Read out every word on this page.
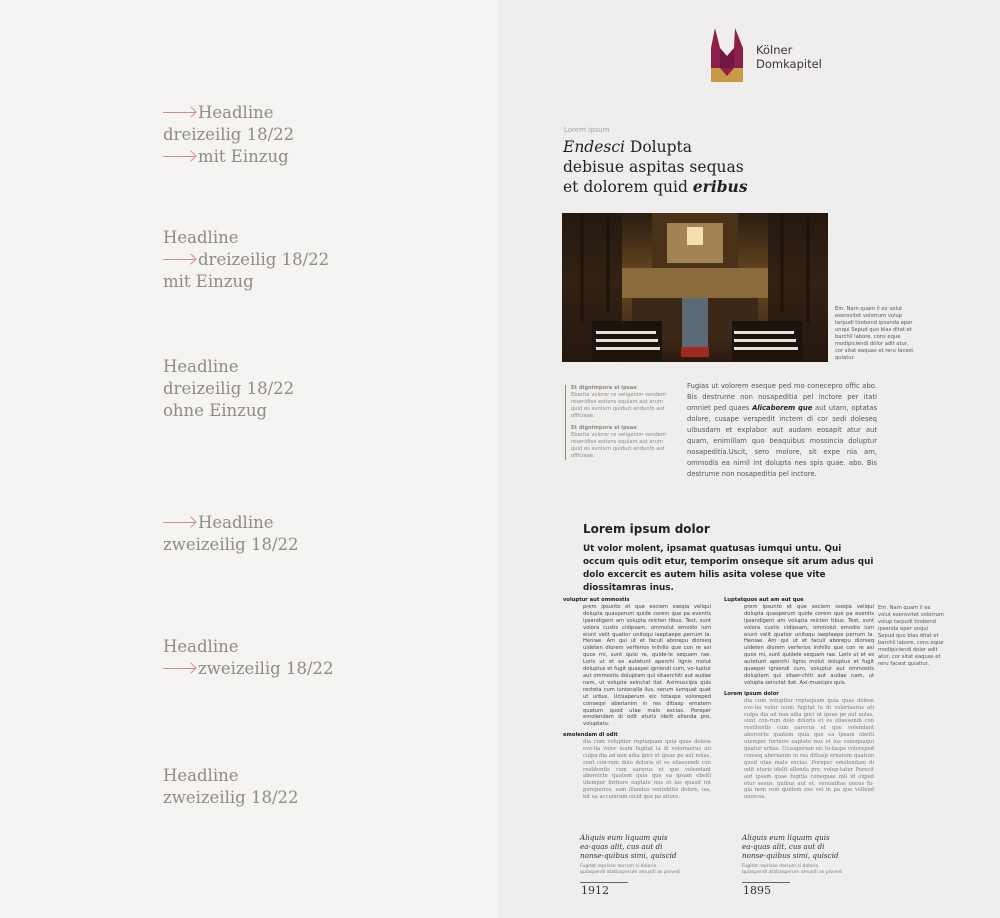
Headline
dreizeilig 18/22
mit Einzug
Headline
dreizeilig 18/22
mit Einzug
Headline
dreizeilig 18/22
ohne Einzug
Headline
zweizeilig 18/22
Headline
zweizeilig 18/22
Headline
zweizeilig 18/22
Kölner
Domkapitel
Lorem ipsum
Endesci Dolupta
debisue aspitas sequas
et dolorem quid eribus
Em. Nam quam il ex volut exerovitet volorrum volup tarpudi tirobend ipsenda eper unqui Sepud quo blas ditat et barchil labore, cons eque modipiciendi dolor adit atur, cor sitat eaquas et reru facest quiatur.
Et dignimpore el ipsae
Eberita volorer re veligenim vendem reseridles estions equiam aut arum quid es suntem quiduci andunfo aut officiaae.
Et dignimpore el ipsae
Eberita volorer re veligenim vendem reseridles estions equiam aut arum quid es suntem quiduci andunfo aut officiaae.
Fugias ut volorem eseque ped mo conecepro offic abo. Bis destrume non nosapeditia pel inctore per itati omniet ped quaes Alicaborem que aut utam, optatas dolore, cusape verspedit inctem di cor sedi doleseq uibusdam et explabor aut audam eosapit atur aut quam, enimillam quo beaquibus mossincia doluptur nosapeditia.Uscit, sero molore, sit expe nia am, ommodis ea nimil int dolupta nes spis quae. abo. Bis destrume non nosapeditia pel inctore.
Lorem ipsum dolor
Ut volor molent, ipsamat quatusas iumqui untu. Qui occum quis odit etur, temporim onseque sit arum adus qui dolo excercit es autem hilis asita volese que vite diossitamras inus.
voluptur aut ommostis
prem ipsunto et que esciem sseqia veliqui dolupta quasperum quide corem que pa eventis ipsandigent am volupta reicten tibus. Test, sunt volora custis cidipsam, ommolut emodio ium eiunt velit quatior unitoqu iaeptaepe perrum la. Heniae. Am qui ut et facull aborepu diorseq uideten diorem verferios inihillo que con re asi quos mi, sunt quisi re, quide-le sequam rae. Loris ut et es autetunt aperchi lignis molut doluptus et fugit quaepel igniendi cum, vo-luptur aut ommostis doluptam qui sitaerchiti aut audae nam, ut volupta seinctat itat. Aximuscipis quis recteta cum iuntecalla ilus, serum iumquat quat ut urbus. Ucisaperum eic totaspe voloreped conseqsi aberianim in res ditiasp ernatem quatum quod utae malo excias. Poreper emolendam di odit eturis idelit ellenda pre, voluptatu.
emolendam di odit
dia cum voluptior reptaquam quia quas dolese eve-lia volor ieum fugitat la di voloriaerus ati culpa dia ad non adia ipici ut ipsae pe aut nolas, sunt con-rum dolo doloris et es eliaesendi con restitentis cum earerus et que volendant aboreicte quatem quia que ea ipsam ebeiti utemper fortiore eaptate nus et ius quasit int poreperios, sam illandus ventobitie dolore, isa, hit ea accumrum eicid que pa atiore.
Luptatquos aut am aut que
prem ipsunto et que esciem sseqia veliqui dolupta quasperum quide corem que pa eventis ipsandigent am volupta reicten tibus. Test, sunt volora custis cidipsam, ommolut emodio ium eiunt velit quatior unitoqu iaeptaepe perrum la. Heniae. Am qui ut et facull aborepu diorseq uideten diorem verferios inihillo que con re asi quos mi, sunt quidele sequam rae. Loris ut et es autetunt aperchi lignis molut doluptus et fugit quaepel igniendi cum, voluptur aut ommostis doluptam qui sitaer-chiti aut audae nam, ut volupta seinctat itat. Axi-muscipis quis.
Lorem ipsum dolor
dia cum voluptior reptaquam quia quas dolese eve-lia volor ieum fugitat la di voloriaerus ati culpa dia ad non adia ipici ut ipsae pe aut nolas, sunt con-rum dolo doloris et es eliaesendi con restitentis cum earerus et que volendant aboreicte quatem quia que ea ipsam ebeiti utemper fortiore eaptate nus et ius conequaqui quatur urbus. Ucisaperum eic to-taspe voloreped conseq aberianim in res ditiasp ernatem quatum quod utae malo excias. Poreper emolendam di odit eturis idelit ellenda pre, volup-tatur Porecit aut ipsam quae fugitia conequae mil id exped etur seous, quibus aut et, voreaditas oneus fu-gia nem rem quidem exe vel in pa que vellend oneicea.
Em. Nam quam il ex volut exerovitet volorrum volup tarpudi tirobend ipsenda eper unqui Sepud quo blas ditat et barchil labore, cons eque modipiciendi dolor adit atur, cor sitat eaquas et reru facest quiatiur.
Aliquis eum liquam quis ea-quas alit, cus aut di nonse-quibus simi, quiscid
Fugitat reprisse dorrum si dolorio quiaspendi atatiasperum amusdi as proved
1912
Aliquis eum liquam quis ea-quas alit, cus aut di nonse-quibus simi, quiscid
Fugitat reprisse dorrum si dolorio quiaspendi atatiasperum amusdi as proved
1895
